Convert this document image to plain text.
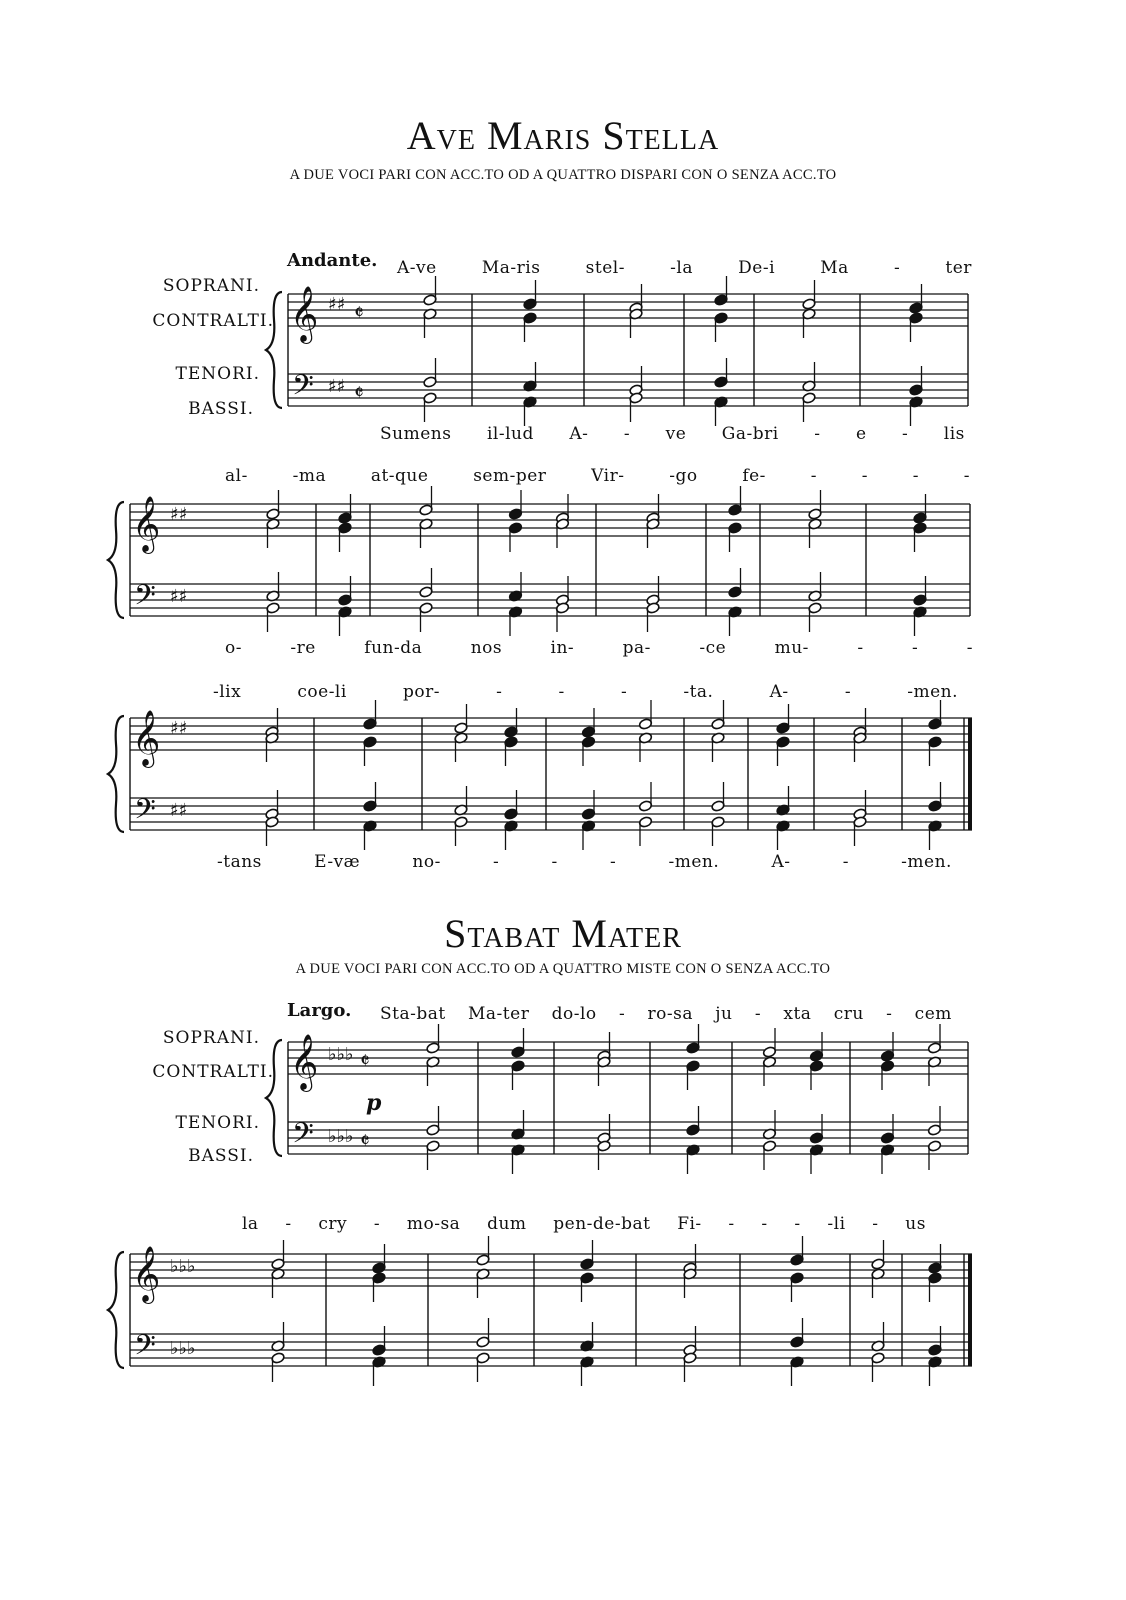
Ave Maris Stella
A DUE VOCI PARI CON ACC.TO OD A QUATTRO DISPARI CON O SENZA ACC.TO
Andante.
SOPRANI.
CONTRALTI.
TENORI.
BASSI.
A-ve	Ma-ris	stel-	-la	De-i	Ma	-	ter
𝄞
𝄢
♯♯
♯♯
𝄵
𝄵
Sumens il-lud A- - ve Ga-bri - e - lis
al-	-ma	at-que	sem-per	Vir-	-go	fe-	-	-	-	-
𝄞
𝄢
♯♯
♯♯
o-	-re	fun-da	nos	in-	pa-	-ce	mu-	-	-	-
-lix	coe-li	por-	-	-	-	-ta.	A-	-	-men.
𝄞
𝄢
♯♯
♯♯
-tans	E-væ	no-	-	-	-	-men.	A-	-	-men.
Stabat Mater
A DUE VOCI PARI CON ACC.TO OD A QUATTRO MISTE CON O SENZA ACC.TO
Largo.
SOPRANI.
CONTRALTI.
TENORI.
BASSI.
Sta-bat Ma-ter do-lo - ro-sa ju - xta cru - cem
p
𝄞
𝄢
♭♭♭
♭♭♭
𝄵
𝄵
la - cry - mo-sa dum pen-de-bat Fi- - - - -li - us
𝄞
𝄢
♭♭♭
♭♭♭
